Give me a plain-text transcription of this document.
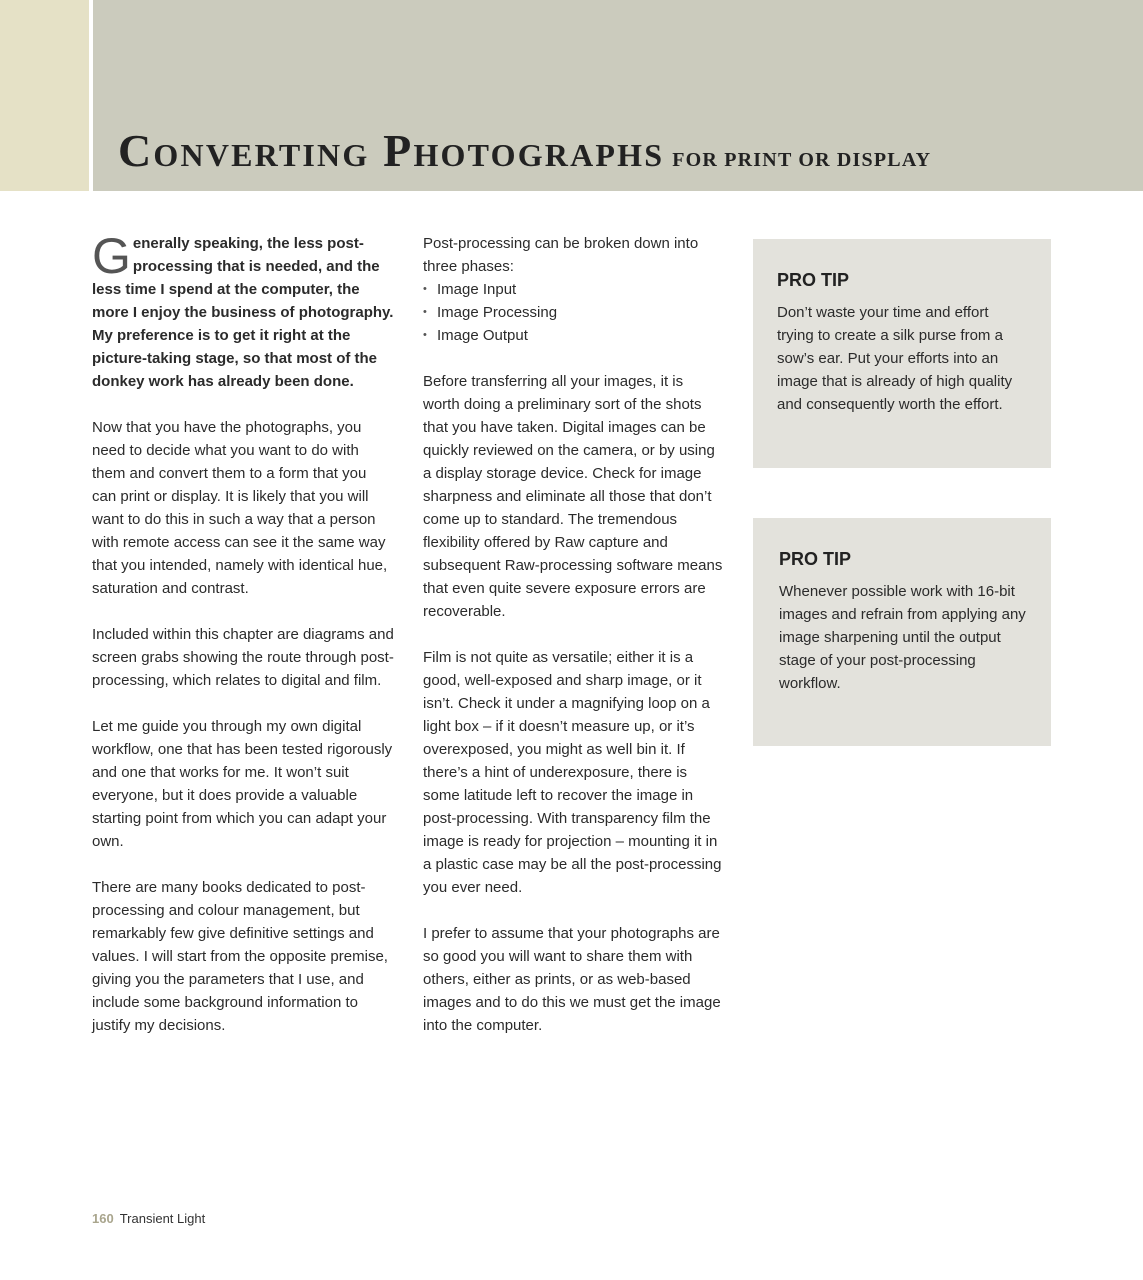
Converting Photographs FOR PRINT OR DISPLAY

Generally speaking, the less post-processing that is needed, and the less time I spend at the computer, the more I enjoy the business of photography. My preference is to get it right at the picture-taking stage, so that most of the donkey work has already been done.

Now that you have the photographs, you need to decide what you want to do with them and convert them to a form that you can print or display. It is likely that you will want to do this in such a way that a person with remote access can see it the same way that you intended, namely with identical hue, saturation and contrast.

Included within this chapter are diagrams and screen grabs showing the route through post-processing, which relates to digital and film.

Let me guide you through my own digital workflow, one that has been tested rigorously and one that works for me. It won’t suit everyone, but it does provide a valuable starting point from which you can adapt your own.

There are many books dedicated to post-processing and colour management, but remarkably few give definitive settings and values. I will start from the opposite premise, giving you the parameters that I use, and include some background information to justify my decisions.

Post-processing can be broken down into three phases:

• Image Input
• Image Processing
• Image Output

Before transferring all your images, it is worth doing a preliminary sort of the shots that you have taken. Digital images can be quickly reviewed on the camera, or by using a display storage device. Check for image sharpness and eliminate all those that don’t come up to standard. The tremendous flexibility offered by Raw capture and subsequent Raw-processing software means that even quite severe exposure errors are recoverable.

Film is not quite as versatile; either it is a good, well-exposed and sharp image, or it isn’t. Check it under a magnifying loop on a light box – if it doesn’t measure up, or it’s overexposed, you might as well bin it. If there’s a hint of underexposure, there is some latitude left to recover the image in post-processing. With transparency film the image is ready for projection – mounting it in a plastic case may be all the post-processing you ever need.

I prefer to assume that your photographs are so good you will want to share them with others, either as prints, or as web-based images and to do this we must get the image into the computer.

PRO TIP

Don’t waste your time and effort trying to create a silk purse from a sow’s ear. Put your efforts into an image that is already of high quality and consequently worth the effort.

PRO TIP

Whenever possible work with 16-bit images and refrain from applying any image sharpening until the output stage of your post-processing workflow.

160 Transient Light
